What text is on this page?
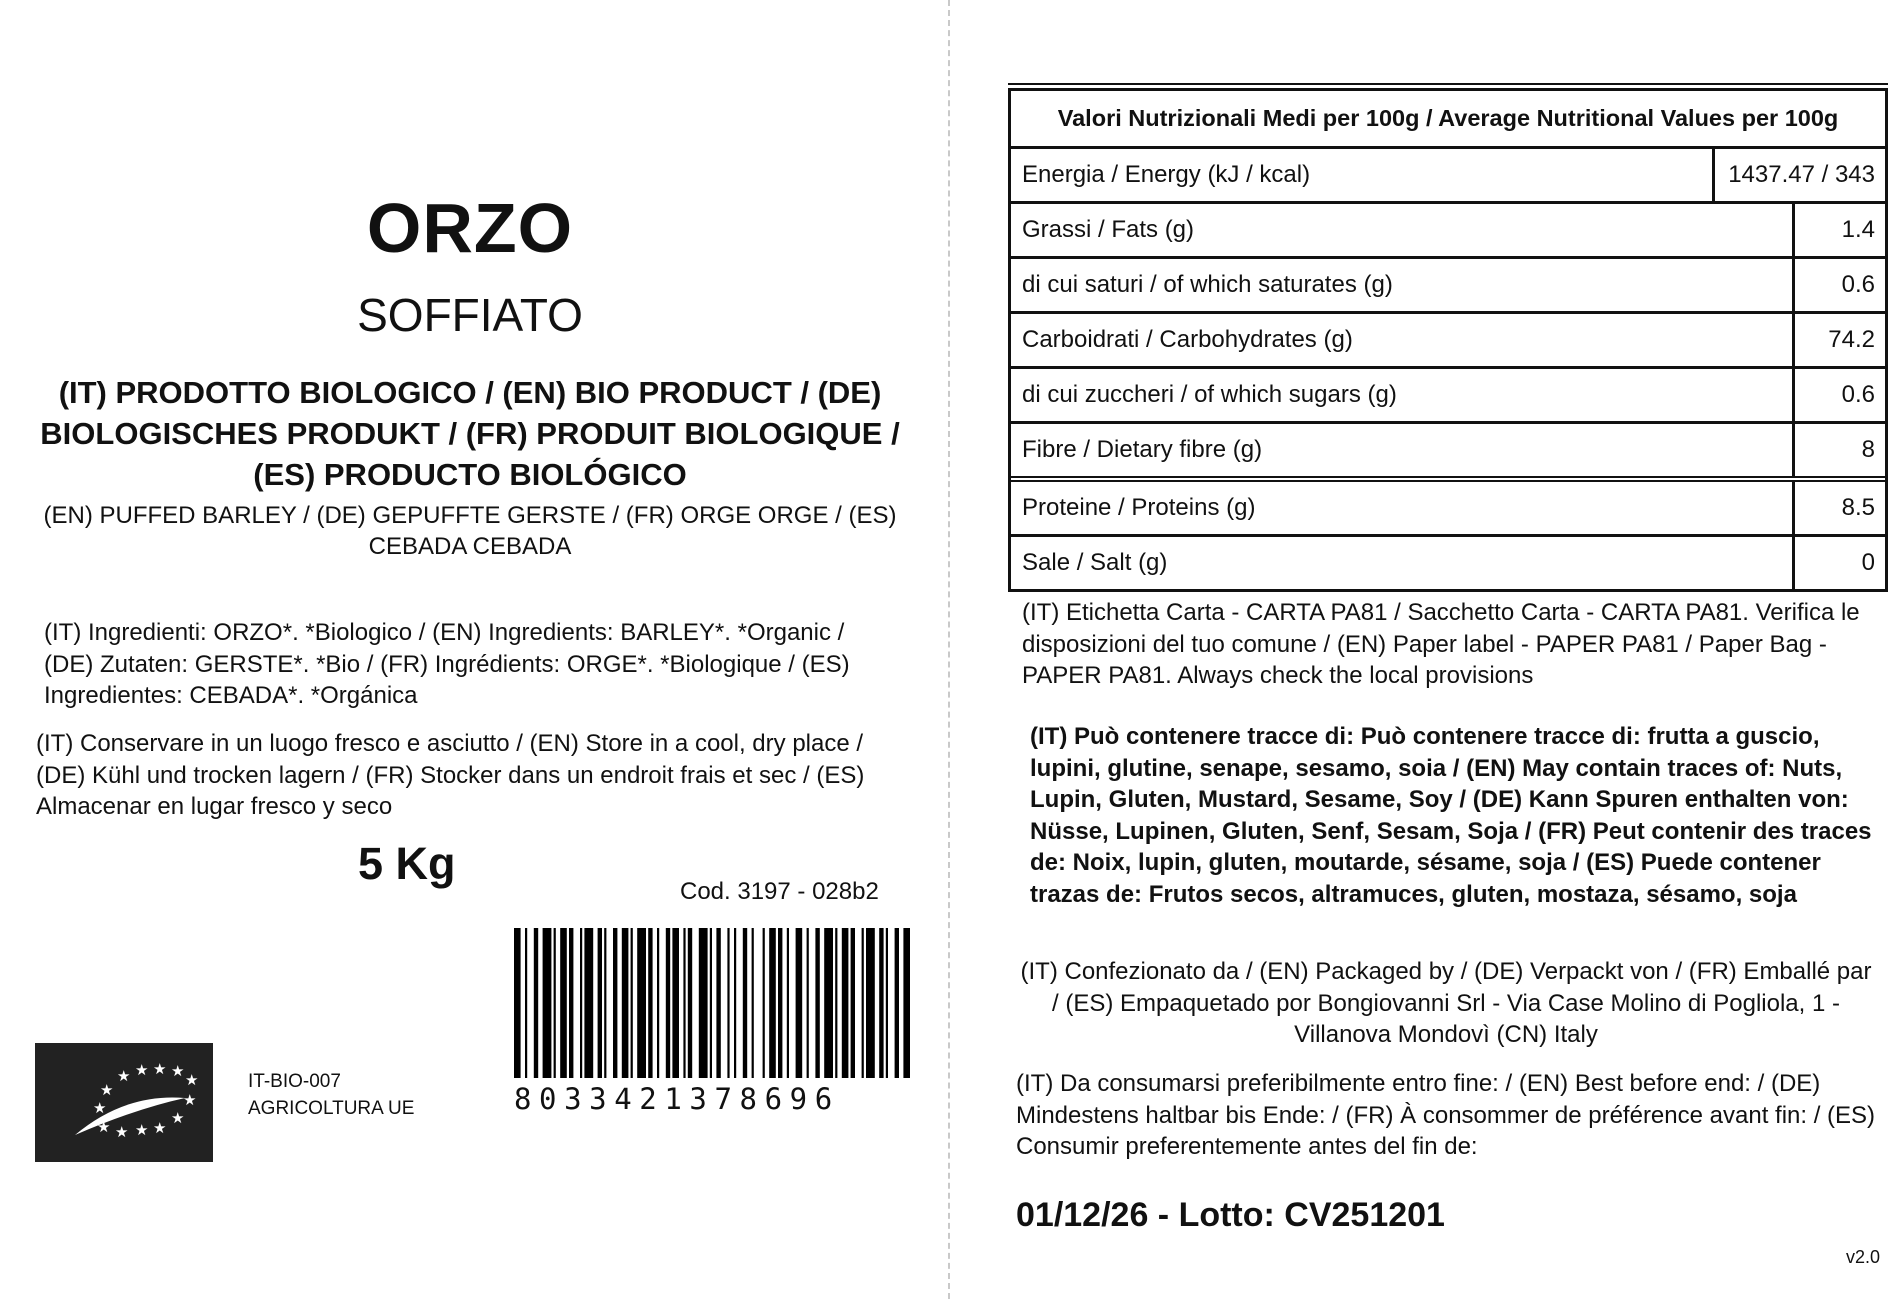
ORZO
SOFFIATO
(IT) PRODOTTO BIOLOGICO / (EN) BIO PRODUCT / (DE) BIOLOGISCHES PRODUKT / (FR) PRODUIT BIOLOGIQUE / (ES) PRODUCTO BIOLÓGICO
(EN) PUFFED BARLEY / (DE) GEPUFFTE GERSTE / (FR) ORGE ORGE / (ES) CEBADA CEBADA
(IT) Ingredienti: ORZO*. *Biologico / (EN) Ingredients: BARLEY*. *Organic / (DE) Zutaten: GERSTE*. *Bio / (FR) Ingrédients: ORGE*. *Biologique / (ES) Ingredientes: CEBADA*. *Orgánica
(IT) Conservare in un luogo fresco e asciutto / (EN) Store in a cool, dry place / (DE) Kühl und trocken lagern / (FR) Stocker dans un endroit frais et sec / (ES) Almacenar en lugar fresco y seco
5 Kg
Cod. 3197 - 028b2
8033421378696
★ ★ ★
★	★
★
★
★
★
★ ★ ★
★
IT-BIO-007
AGRICOLTURA UE
Valori Nutrizionali Medi per 100g / Average Nutritional Values per 100g
Energia / Energy (kJ / kcal)	1437.47 / 343
Grassi / Fats (g)	1.4
di cui saturi / of which saturates (g)	0.6
Carboidrati / Carbohydrates (g)	74.2
di cui zuccheri / of which sugars (g)	0.6
Fibre / Dietary fibre (g)	8
Proteine / Proteins (g)	8.5
Sale / Salt (g)	0
(IT) Etichetta Carta - CARTA PA81 / Sacchetto Carta - CARTA PA81. Verifica le disposizioni del tuo comune / (EN) Paper label - PAPER PA81 / Paper Bag - PAPER PA81. Always check the local provisions
(IT) Può contenere tracce di: Può contenere tracce di: frutta a guscio, lupini, glutine, senape, sesamo, soia / (EN) May contain traces of: Nuts, Lupin, Gluten, Mustard, Sesame, Soy / (DE) Kann Spuren enthalten von: Nüsse, Lupinen, Gluten, Senf, Sesam, Soja / (FR) Peut contenir des traces de: Noix, lupin, gluten, moutarde, sésame, soja / (ES) Puede contener trazas de: Frutos secos, altramuces, gluten, mostaza, sésamo, soja
(IT) Confezionato da / (EN) Packaged by / (DE) Verpackt von / (FR) Emballé par / (ES) Empaquetado por Bongiovanni Srl - Via Case Molino di Pogliola, 1 - Villanova Mondovì (CN) Italy
(IT) Da consumarsi preferibilmente entro fine: / (EN) Best before end: / (DE) Mindestens haltbar bis Ende: / (FR) À consommer de préférence avant fin: / (ES) Consumir preferentemente antes del fin de:
01/12/26 - Lotto: CV251201
v2.0
